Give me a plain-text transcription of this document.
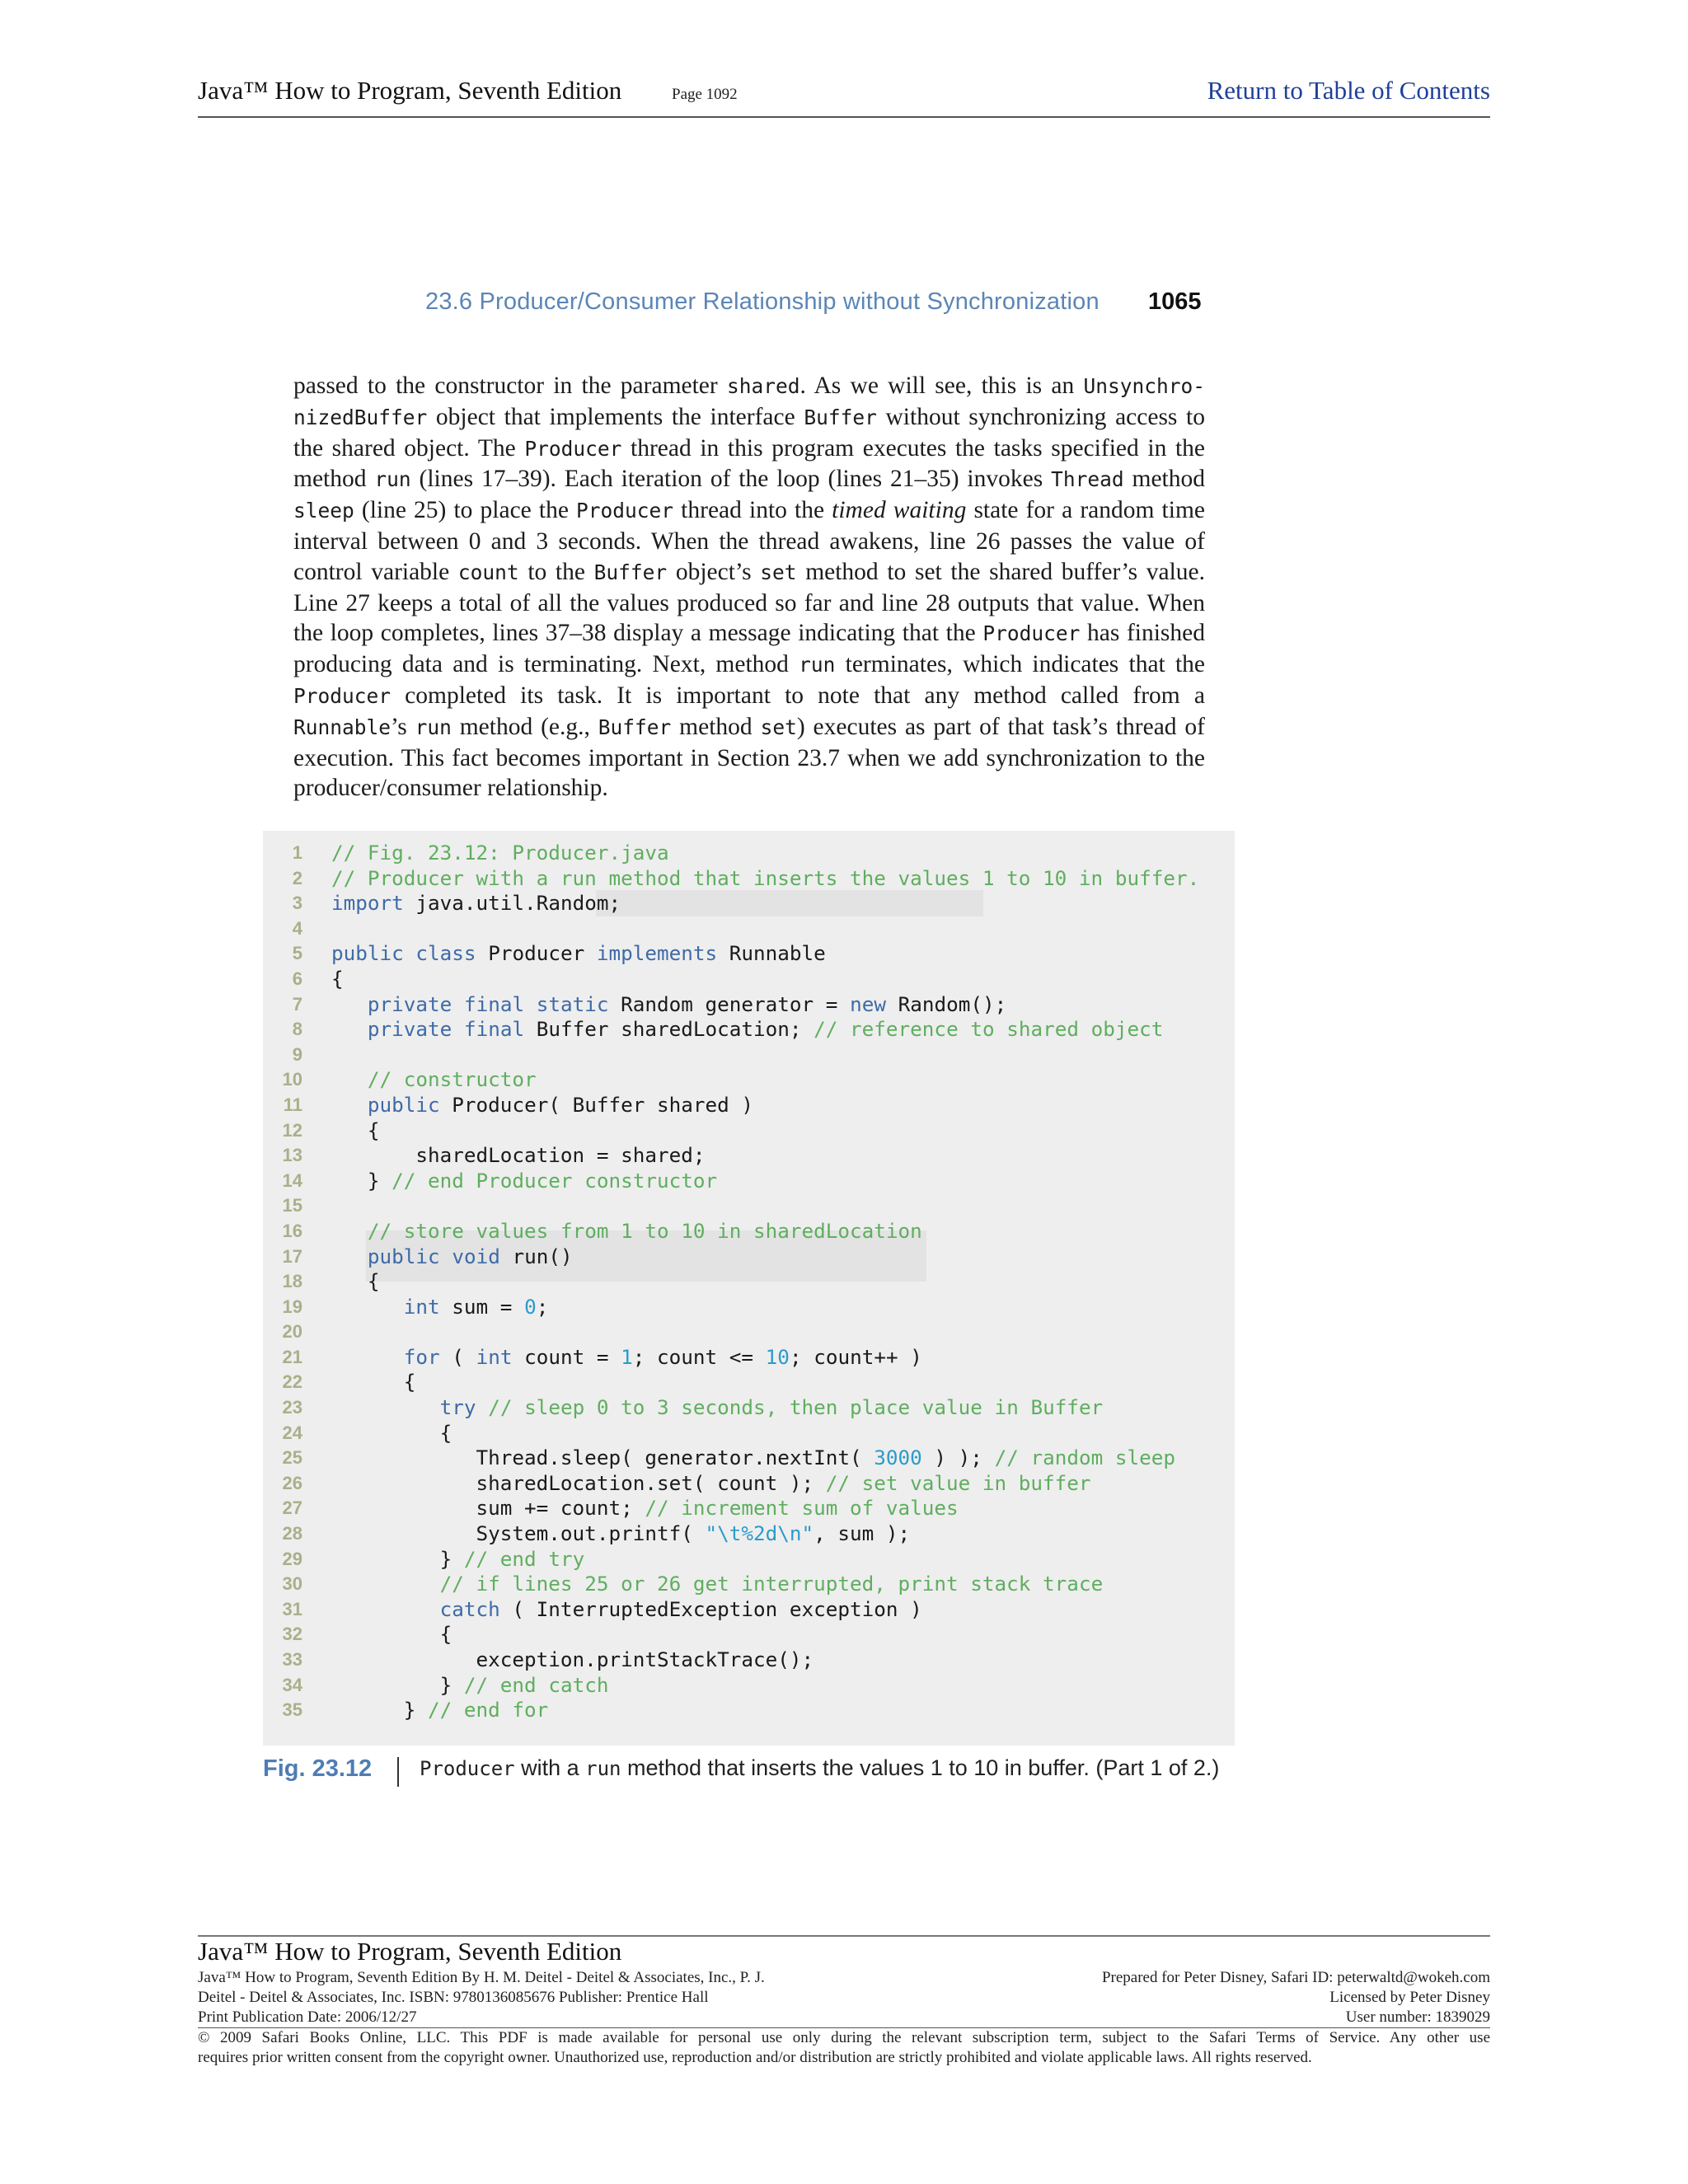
Java™ How to Program, Seventh Edition	Page 1092	Return to Table of Contents
23.6 Producer/Consumer Relationship without Synchronization 1065

passed to the constructor in the parameter shared. As we will see, this is an Unsynchro-nizedBuffer object that implements the interface Buffer without synchronizing access to the shared object. The Producer thread in this program executes the tasks specified in the method run (lines 17–39). Each iteration of the loop (lines 21–35) invokes Thread method sleep (line 25) to place the Producer thread into the timed waiting state for a random time interval between 0 and 3 seconds. When the thread awakens, line 26 passes the value of control variable count to the Buffer object’s set method to set the shared buffer’s value. Line 27 keeps a total of all the values produced so far and line 28 outputs that value. When the loop completes, lines 37–38 display a message indicating that the Producer has finished producing data and is terminating. Next, method run terminates, which indicates that the Producer completed its task. It is important to note that any method called from a Runnable’s run method (e.g., Buffer method set) executes as part of that task’s thread of execution. This fact becomes important in Section 23.7 when we add synchronization to the producer/consumer relationship.

1 // Fig. 23.12: Producer.java
2 // Producer with a run method that inserts the values 1 to 10 in buffer.
3 import java.util.Random;
4
5 public class Producer implements Runnable
6 {
7	private final static Random generator = new Random();
8	private final Buffer sharedLocation; // reference to shared object
9
10	// constructor
11	public Producer( Buffer shared )
12 {
13 sharedLocation = shared;
14 } // end Producer constructor
15
16	// store values from 1 to 10 in sharedLocation
17	public void run()
18 {
19	int sum = 0;
20
21	for ( int count = 1; count <= 10; count++ )
22 {
23	try // sleep 0 to 3 seconds, then place value in Buffer
24 {
25 Thread.sleep( generator.nextInt( 3000 ) ); // random sleep
26 sharedLocation.set( count ); // set value in buffer
27 sum += count; // increment sum of values
28 System.out.printf( "\t%2d\n", sum );
29 } // end try
30	// if lines 25 or 26 get interrupted, print stack trace
31	catch ( InterruptedException exception )
32 {
33 exception.printStackTrace();
34 } // end catch
35 } // end for
Fig. 23.12 Producer with a run method that inserts the values 1 to 10 in buffer. (Part 1 of 2.)
Java™ How to Program, Seventh Edition
Java™ How to Program, Seventh Edition By H. M. Deitel - Deitel & Associates, Inc., P. J.
Deitel - Deitel & Associates, Inc. ISBN: 9780136085676 Publisher: Prentice Hall
Print Publication Date: 2006/12/27
Prepared for Peter Disney, Safari ID: peterwaltd@wokeh.com
Licensed by Peter Disney
User number: 1839029
© 2009 Safari Books Online, LLC. This PDF is made available for personal use only during the relevant subscription term, subject to the Safari Terms of Service. Any other use
requires prior written consent from the copyright owner. Unauthorized use, reproduction and/or distribution are strictly prohibited and violate applicable laws. All rights reserved.
